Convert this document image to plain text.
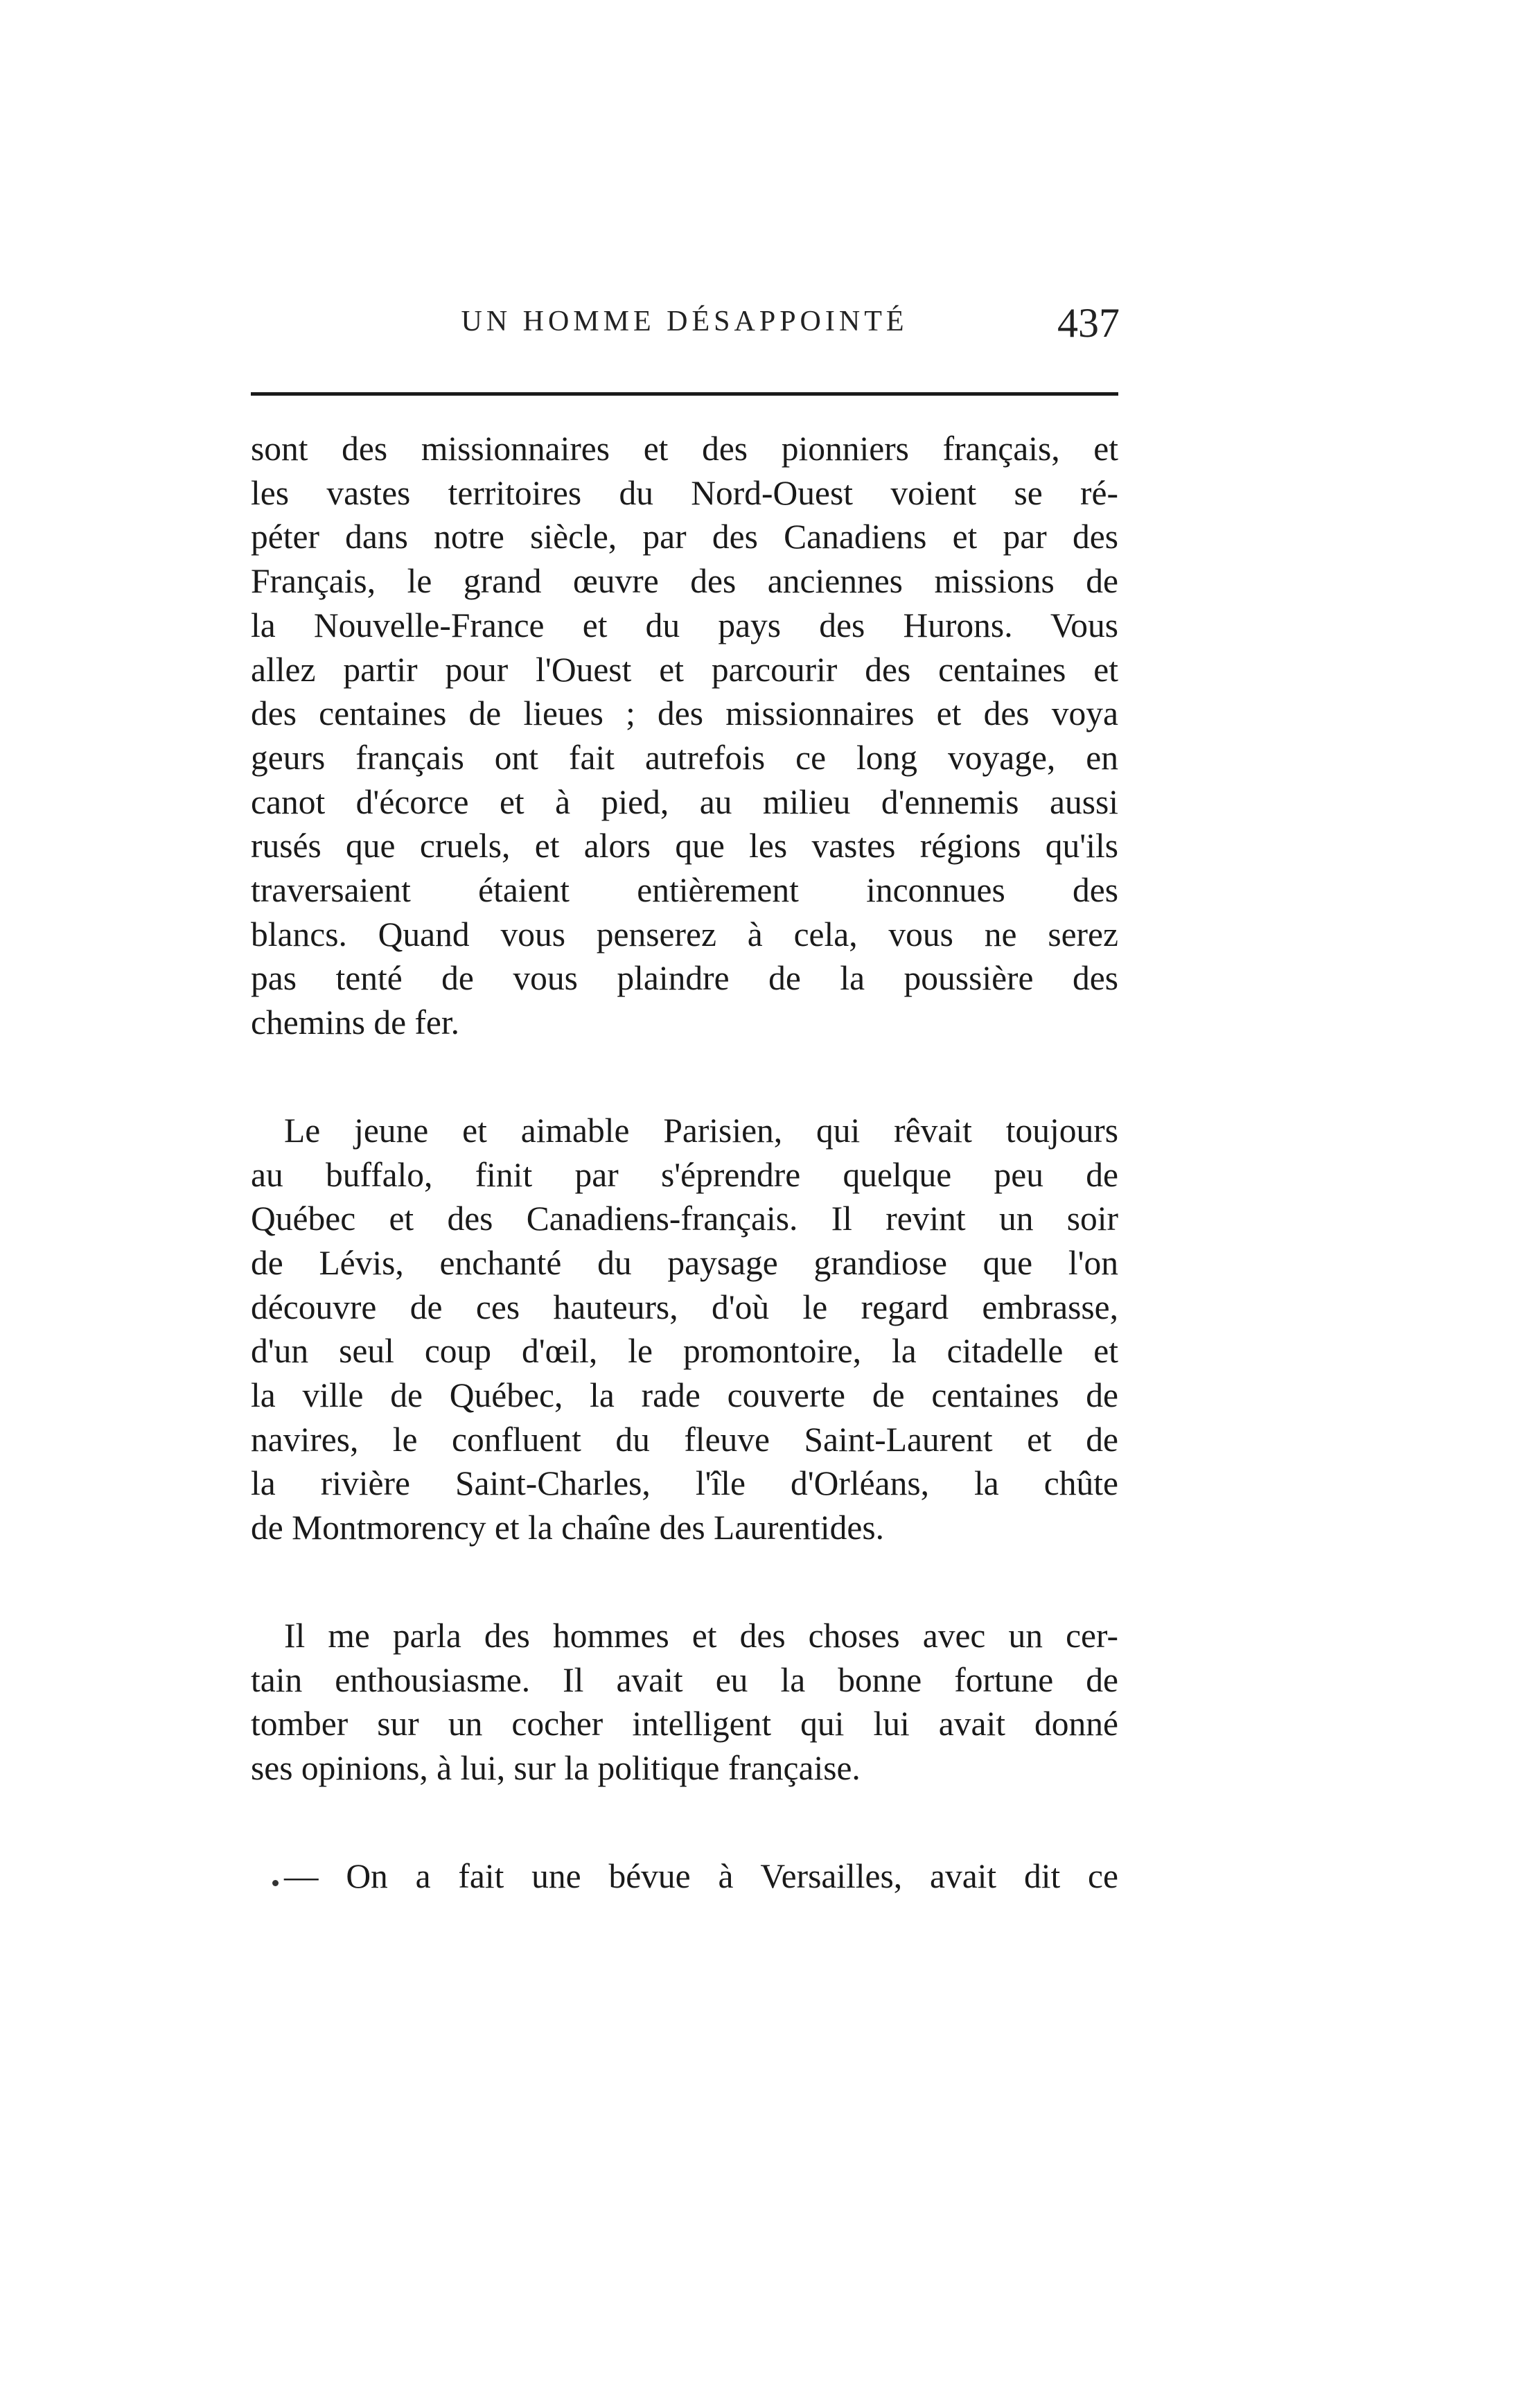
UN HOMME DÉSAPPOINTÉ	437

sont des missionnaires et des pionniers français, et
les vastes territoires du Nord-Ouest voient se ré-
péter dans notre siècle, par des Canadiens et par des
Français, le grand œuvre des anciennes missions de
la Nouvelle-France et du pays des Hurons. Vous
allez partir pour l'Ouest et parcourir des centaines et
des centaines de lieues ; des missionnaires et des voya
geurs français ont fait autrefois ce long voyage, en
canot d'écorce et à pied, au milieu d'ennemis aussi
rusés que cruels, et alors que les vastes régions qu'ils
traversaient étaient entièrement inconnues des
blancs. Quand vous penserez à cela, vous ne serez
pas tenté de vous plaindre de la poussière des
chemins de fer.

Le jeune et aimable Parisien, qui rêvait toujours
au buffalo, finit par s'éprendre quelque peu de
Québec et des Canadiens-français. Il revint un soir
de Lévis, enchanté du paysage grandiose que l'on
découvre de ces hauteurs, d'où le regard embrasse,
d'un seul coup d'œil, le promontoire, la citadelle et
la ville de Québec, la rade couverte de centaines de
navires, le confluent du fleuve Saint-Laurent et de
la rivière Saint-Charles, l'île d'Orléans, la chûte
de Montmorency et la chaîne des Laurentides.

Il me parla des hommes et des choses avec un cer-
tain enthousiasme. Il avait eu la bonne fortune de
tomber sur un cocher intelligent qui lui avait donné
ses opinions, à lui, sur la politique française.

— On a fait une bévue à Versailles, avait dit ce
